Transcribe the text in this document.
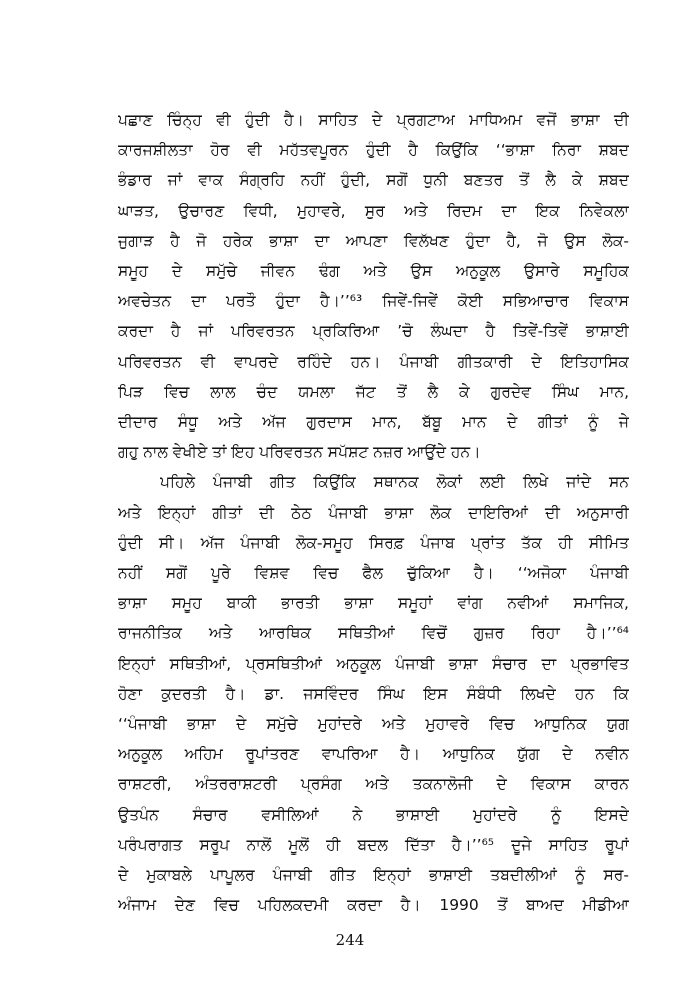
ਪਛਾਣ ਚਿੰਨ੍ਹ ਵੀ ਹੁੰਦੀ ਹੈ। ਸਾਹਿਤ ਦੇ ਪ੍ਰਗਟਾਅ ਮਾਧਿਅਮ ਵਜੋਂ ਭਾਸ਼ਾ ਦੀ
ਕਾਰਜਸ਼ੀਲਤਾ ਹੋਰ ਵੀ ਮਹੱਤਵਪੂਰਨ ਹੁੰਦੀ ਹੈ ਕਿਉਂਕਿ ‘‘ਭਾਸ਼ਾ ਨਿਰਾ ਸ਼ਬਦ
ਭੰਡਾਰ ਜਾਂ ਵਾਕ ਸੰਗ੍ਰਹਿ ਨਹੀਂ ਹੁੰਦੀ, ਸਗੋਂ ਧੁਨੀ ਬਣਤਰ ਤੋਂ ਲੈ ਕੇ ਸ਼ਬਦ
ਘਾੜਤ, ਉਚਾਰਣ ਵਿਧੀ, ਮੁਹਾਵਰੇ, ਸੁਰ ਅਤੇ ਰਿਦਮ ਦਾ ਇਕ ਨਿਵੇਕਲਾ
ਜੁਗਾੜ ਹੈ ਜੋ ਹਰੇਕ ਭਾਸ਼ਾ ਦਾ ਆਪਣਾ ਵਿਲੱਖਣ ਹੁੰਦਾ ਹੈ, ਜੋ ਉਸ ਲੋਕ-
ਸਮੂਹ ਦੇ ਸਮੁੱਚੇ ਜੀਵਨ ਢੰਗ ਅਤੇ ਉਸ ਅਨੁਕੂਲ ਉਸਾਰੇ ਸਮੂਹਿਕ
ਅਵਚੇਤਨ ਦਾ ਪਰਤੌ ਹੁੰਦਾ ਹੈ।’’⁶³ ਜਿਵੇਂ-ਜਿਵੇਂ ਕੋਈ ਸਭਿਆਚਾਰ ਵਿਕਾਸ
ਕਰਦਾ ਹੈ ਜਾਂ ਪਰਿਵਰਤਨ ਪ੍ਰਕਿਰਿਆ ’ਚੋ ਲੰਘਦਾ ਹੈ ਤਿਵੇਂ-ਤਿਵੇਂ ਭਾਸ਼ਾਈ
ਪਰਿਵਰਤਨ ਵੀ ਵਾਪਰਦੇ ਰਹਿੰਦੇ ਹਨ। ਪੰਜਾਬੀ ਗੀਤਕਾਰੀ ਦੇ ਇਤਿਹਾਸਿਕ
ਪਿੜ ਵਿਚ ਲਾਲ ਚੰਦ ਯਮਲਾ ਜੱਟ ਤੋਂ ਲੈ ਕੇ ਗੁਰਦੇਵ ਸਿੰਘ ਮਾਨ,
ਦੀਦਾਰ ਸੰਧੂ ਅਤੇ ਅੱਜ ਗੁਰਦਾਸ ਮਾਨ, ਬੱਬੂ ਮਾਨ ਦੇ ਗੀਤਾਂ ਨੂੰ ਜੇ
ਗਹੁ ਨਾਲ ਵੇਖੀਏ ਤਾਂ ਇਹ ਪਰਿਵਰਤਨ ਸਪੱਸ਼ਟ ਨਜ਼ਰ ਆਉਂਦੇ ਹਨ।
ਪਹਿਲੇ ਪੰਜਾਬੀ ਗੀਤ ਕਿਉਂਕਿ ਸਥਾਨਕ ਲੋਕਾਂ ਲਈ ਲਿਖੇ ਜਾਂਦੇ ਸਨ
ਅਤੇ ਇਨ੍ਹਾਂ ਗੀਤਾਂ ਦੀ ਠੇਠ ਪੰਜਾਬੀ ਭਾਸ਼ਾ ਲੋਕ ਦਾਇਰਿਆਂ ਦੀ ਅਨੁਸਾਰੀ
ਹੁੰਦੀ ਸੀ। ਅੱਜ ਪੰਜਾਬੀ ਲੋਕ-ਸਮੂਹ ਸਿਰਫ਼ ਪੰਜਾਬ ਪ੍ਰਾਂਤ ਤੱਕ ਹੀ ਸੀਮਿਤ
ਨਹੀਂ ਸਗੋਂ ਪੂਰੇ ਵਿਸ਼ਵ ਵਿਚ ਫੈਲ ਚੁੱਕਿਆ ਹੈ। ‘‘ਅਜੋਕਾ ਪੰਜਾਬੀ
ਭਾਸ਼ਾ ਸਮੂਹ ਬਾਕੀ ਭਾਰਤੀ ਭਾਸ਼ਾ ਸਮੂਹਾਂ ਵਾਂਗ ਨਵੀਆਂ ਸਮਾਜਿਕ,
ਰਾਜਨੀਤਿਕ ਅਤੇ ਆਰਥਿਕ ਸਥਿਤੀਆਂ ਵਿਚੋਂ ਗੁਜ਼ਰ ਰਿਹਾ ਹੈ।’’⁶⁴
ਇਨ੍ਹਾਂ ਸਥਿਤੀਆਂ, ਪ੍ਰਸਥਿਤੀਆਂ ਅਨੁਕੂਲ ਪੰਜਾਬੀ ਭਾਸ਼ਾ ਸੰਚਾਰ ਦਾ ਪ੍ਰਭਾਵਿਤ
ਹੋਣਾ ਕੁਦਰਤੀ ਹੈ। ਡਾ. ਜਸਵਿੰਦਰ ਸਿੰਘ ਇਸ ਸੰਬੰਧੀ ਲਿਖਦੇ ਹਨ ਕਿ
‘‘ਪੰਜਾਬੀ ਭਾਸ਼ਾ ਦੇ ਸਮੁੱਚੇ ਮੁਹਾਂਦਰੇ ਅਤੇ ਮੁਹਾਵਰੇ ਵਿਚ ਆਧੁਨਿਕ ਯੁਗ
ਅਨੁਕੂਲ ਅਹਿਮ ਰੂਪਾਂਤਰਣ ਵਾਪਰਿਆ ਹੈ। ਆਧੁਨਿਕ ਯੁੱਗ ਦੇ ਨਵੀਨ
ਰਾਸ਼ਟਰੀ, ਅੰਤਰਰਾਸ਼ਟਰੀ ਪ੍ਰਸੰਗ ਅਤੇ ਤਕਨਾਲੋਜੀ ਦੇ ਵਿਕਾਸ ਕਾਰਨ
ਉਤਪੰਨ ਸੰਚਾਰ ਵਸੀਲਿਆਂ ਨੇ ਭਾਸ਼ਾਈ ਮੁਹਾਂਦਰੇ ਨੂੰ ਇਸਦੇ
ਪਰੰਪਰਾਗਤ ਸਰੂਪ ਨਾਲੋਂ ਮੂਲੋਂ ਹੀ ਬਦਲ ਦਿੱਤਾ ਹੈ।’’⁶⁵ ਦੂਜੇ ਸਾਹਿਤ ਰੂਪਾਂ
ਦੇ ਮੁਕਾਬਲੇ ਪਾਪੂਲਰ ਪੰਜਾਬੀ ਗੀਤ ਇਨ੍ਹਾਂ ਭਾਸ਼ਾਈ ਤਬਦੀਲੀਆਂ ਨੂੰ ਸਰ-
ਅੰਜਾਮ ਦੇਣ ਵਿਚ ਪਹਿਲਕਦਮੀ ਕਰਦਾ ਹੈ। 1990 ਤੋਂ ਬਾਅਦ ਮੀਡੀਆ
244
